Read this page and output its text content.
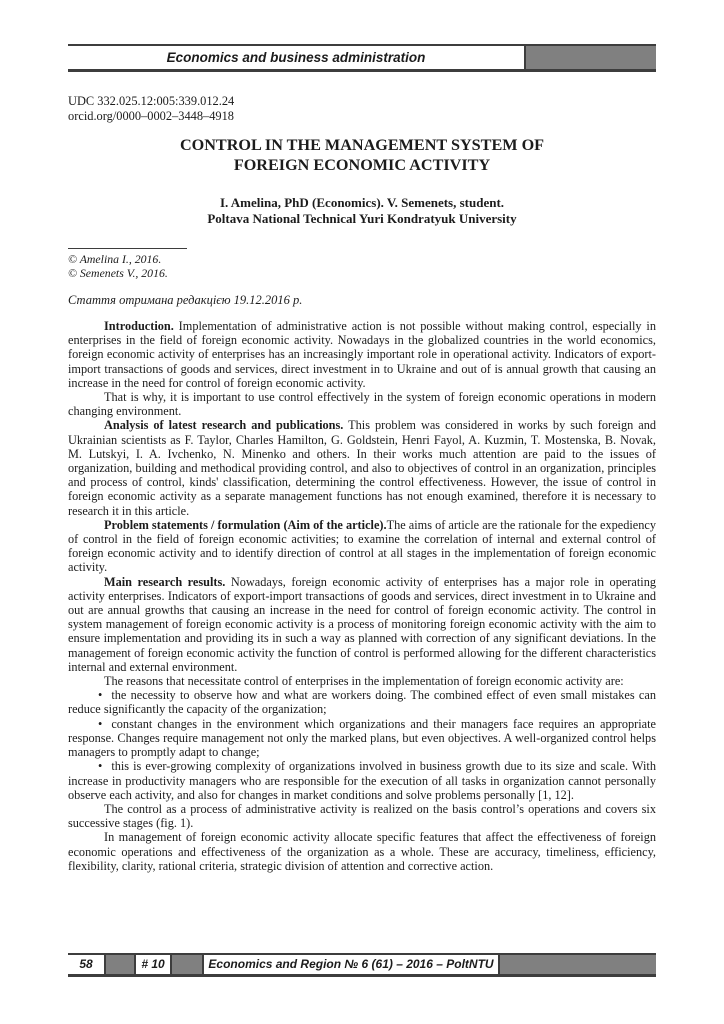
Economics and business administration
UDC 332.025.12:005:339.012.24
orcid.org/0000–0002–3448–4918
CONTROL IN THE MANAGEMENT SYSTEM OF
FOREIGN ECONOMIC ACTIVITY
I. Amelina, PhD (Economics). V. Semenets, student.
Poltava National Technical Yuri Kondratyuk University
© Amelina I., 2016.
© Semenets V., 2016.
Стаття отримана редакцією 19.12.2016 р.

Introduction. Implementation of administrative action is not possible without making control, especially in enterprises in the field of foreign economic activity. Nowadays in the globalized countries in the world economics, foreign economic activity of enterprises has an increasingly important role in operational activity. Indicators of export-import transactions of goods and services, direct investment in to Ukraine and out of is annual growth that causing an increase in the need for control of foreign economic activity.

That is why, it is important to use control effectively in the system of foreign economic operations in modern changing environment.

Analysis of latest research and publications. This problem was considered in works by such foreign and Ukrainian scientists as F. Taylor, Charles Hamilton, G. Goldstein, Henri Fayol, A. Kuzmin, T. Mostenska, B. Novak, M. Lutskyi, I. A. Ivchenko, N. Minenko and others. In their works much attention are paid to the issues of organization, building and methodical providing control, and also to objectives of control in an organization, principles and process of control, kinds' classification, determining the control effectiveness. However, the issue of control in foreign economic activity as a separate management functions has not enough examined, therefore it is necessary to research it in this article.

Problem statements / formulation (Aim of the article).The aims of article are the rationale for the expediency of control in the field of foreign economic activities; to examine the correlation of internal and external control of foreign economic activity and to identify direction of control at all stages in the implementation of foreign economic activity.

Main research results. Nowadays, foreign economic activity of enterprises has a major role in operating activity enterprises. Indicators of export-import transactions of goods and services, direct investment in to Ukraine and out are annual growths that causing an increase in the need for control of foreign economic activity. The control in system management of foreign economic activity is a process of monitoring foreign economic activity with the aim to ensure implementation and providing its in such a way as planned with correction of any significant deviations. In the management of foreign economic activity the function of control is performed allowing for the different characteristics internal and external environment.

The reasons that necessitate control of enterprises in the implementation of foreign economic activity are:

• the necessity to observe how and what are workers doing. The combined effect of even small mistakes can reduce significantly the capacity of the organization;

• constant changes in the environment which organizations and their managers face requires an appropriate response. Changes require management not only the marked plans, but even objectives. A well-organized control helps managers to promptly adapt to change;

• this is ever-growing complexity of organizations involved in business growth due to its size and scale. With increase in productivity managers who are responsible for the execution of all tasks in organization cannot personally observe each activity, and also for changes in market conditions and solve problems personally [1, 12].

The control as a process of administrative activity is realized on the basis control’s operations and covers six successive stages (fig. 1).

In management of foreign economic activity allocate specific features that affect the effectiveness of foreign economic operations and effectiveness of the organization as a whole. These are accuracy, timeliness, efficiency, flexibility, clarity, rational criteria, strategic division of attention and corrective action.

58	# 10	Economics and Region № 6 (61) – 2016 – PoltNTU
